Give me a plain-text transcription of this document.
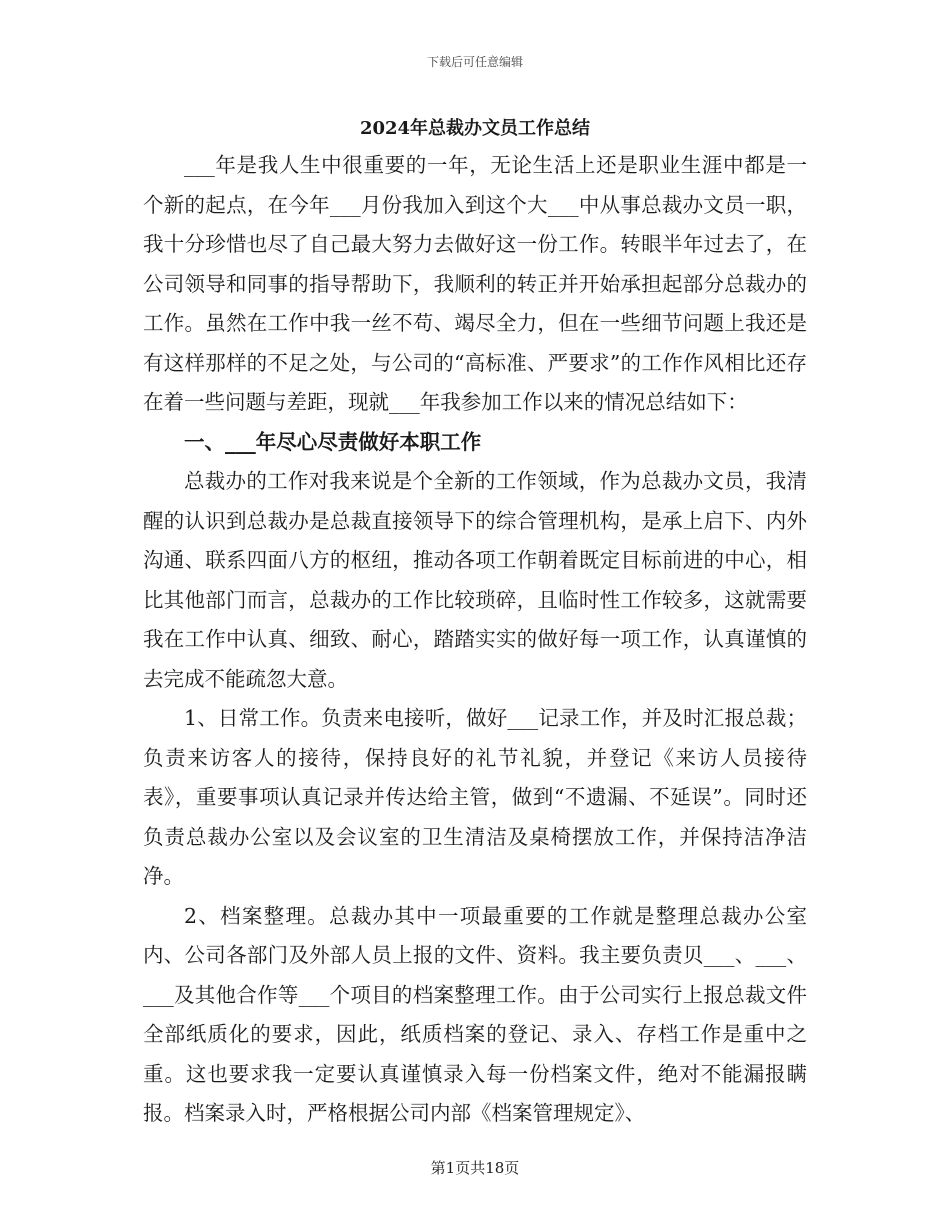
下载后可任意编辑
2024年总裁办文员工作总结

___年是我人生中很重要的一年，无论生活上还是职业生涯中都是一个新的起点，在今年___月份我加入到这个大___中从事总裁办文员一职，我十分珍惜也尽了自己最大努力去做好这一份工作。转眼半年过去了，在公司领导和同事的指导帮助下，我顺利的转正并开始承担起部分总裁办的工作。虽然在工作中我一丝不苟、竭尽全力，但在一些细节问题上我还是有这样那样的不足之处，与公司的“高标准、严要求”的工作作风相比还存在着一些问题与差距，现就___年我参加工作以来的情况总结如下：

一、___年尽心尽责做好本职工作

总裁办的工作对我来说是个全新的工作领域，作为总裁办文员，我清醒的认识到总裁办是总裁直接领导下的综合管理机构，是承上启下、内外沟通、联系四面八方的枢纽，推动各项工作朝着既定目标前进的中心，相比其他部门而言，总裁办的工作比较琐碎，且临时性工作较多，这就需要我在工作中认真、细致、耐心，踏踏实实的做好每一项工作，认真谨慎的去完成不能疏忽大意。

1、日常工作。负责来电接听，做好___记录工作，并及时汇报总裁；负责来访客人的接待，保持良好的礼节礼貌，并登记《来访人员接待表》，重要事项认真记录并传达给主管，做到“不遗漏、不延误”。同时还负责总裁办公室以及会议室的卫生清洁及桌椅摆放工作，并保持洁净洁净。

2、档案整理。总裁办其中一项最重要的工作就是整理总裁办公室内、公司各部门及外部人员上报的文件、资料。我主要负责贝___、___、___及其他合作等___个项目的档案整理工作。由于公司实行上报总裁文件全部纸质化的要求，因此，纸质档案的登记、录入、存档工作是重中之重。这也要求我一定要认真谨慎录入每一份档案文件，绝对不能漏报瞒报。档案录入时，严格根据公司内部《档案管理规定》、

第1页共18页
